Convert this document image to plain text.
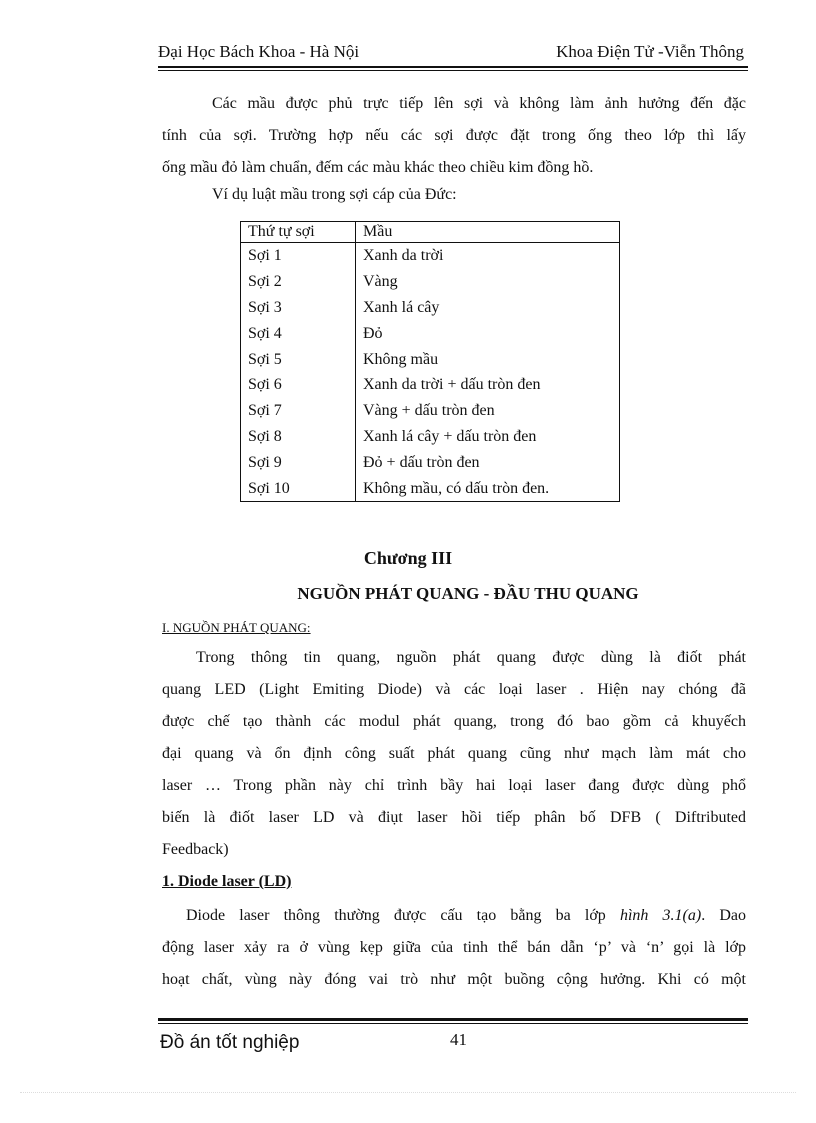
Đại Học Bách Khoa - Hà Nội	Khoa Điện Tử -Viễn Thông
Các mầu được phủ trực tiếp lên sợi và không làm ảnh hưởng đến đặc
tính của sợi. Trường hợp nếu các sợi được đặt trong ống theo lớp thì lấy
ống mầu đỏ làm chuẩn, đếm các màu khác theo chiều kim đồng hồ.
Ví dụ luật mầu trong sợi cáp của Đức:
Thứ tự sợi	Mầu
Sợi 1	Xanh da trời
Sợi 2	Vàng
Sợi 3	Xanh lá cây
Sợi 4	Đỏ
Sợi 5	Không mầu
Sợi 6	Xanh da trời + dấu tròn đen
Sợi 7	Vàng + dấu tròn đen
Sợi 8	Xanh lá cây + dấu tròn đen
Sợi 9	Đỏ + dấu tròn đen
Sợi 10	Không mầu, có dấu tròn đen.
Chương III
NGUỒN PHÁT QUANG - ĐẦU THU QUANG
I. NGUỒN PHÁT QUANG:
Trong thông tin quang, nguồn phát quang được dùng là điốt phát
quang LED (Light Emiting Diode) và các loại laser . Hiện nay chóng đã
được chế tạo thành các modul phát quang, trong đó bao gồm cả khuyếch
đại quang và ổn định công suất phát quang cũng như mạch làm mát cho
laser … Trong phần này chỉ trình bầy hai loại laser đang được dùng phổ
biến là điốt laser LD và điụt laser hồi tiếp phân bố DFB ( Diftributed
Feedback)
1. Diode laser (LD)
Diode laser thông thường được cấu tạo bằng ba lớp hình 3.1(a). Dao
động laser xảy ra ở vùng kẹp giữa của tinh thể bán dẫn ‘p’ và ‘n’ gọi là lớp
hoạt chất, vùng này đóng vai trò như một buồng cộng hưởng. Khi có một
Đồ án tốt nghiệp	41
